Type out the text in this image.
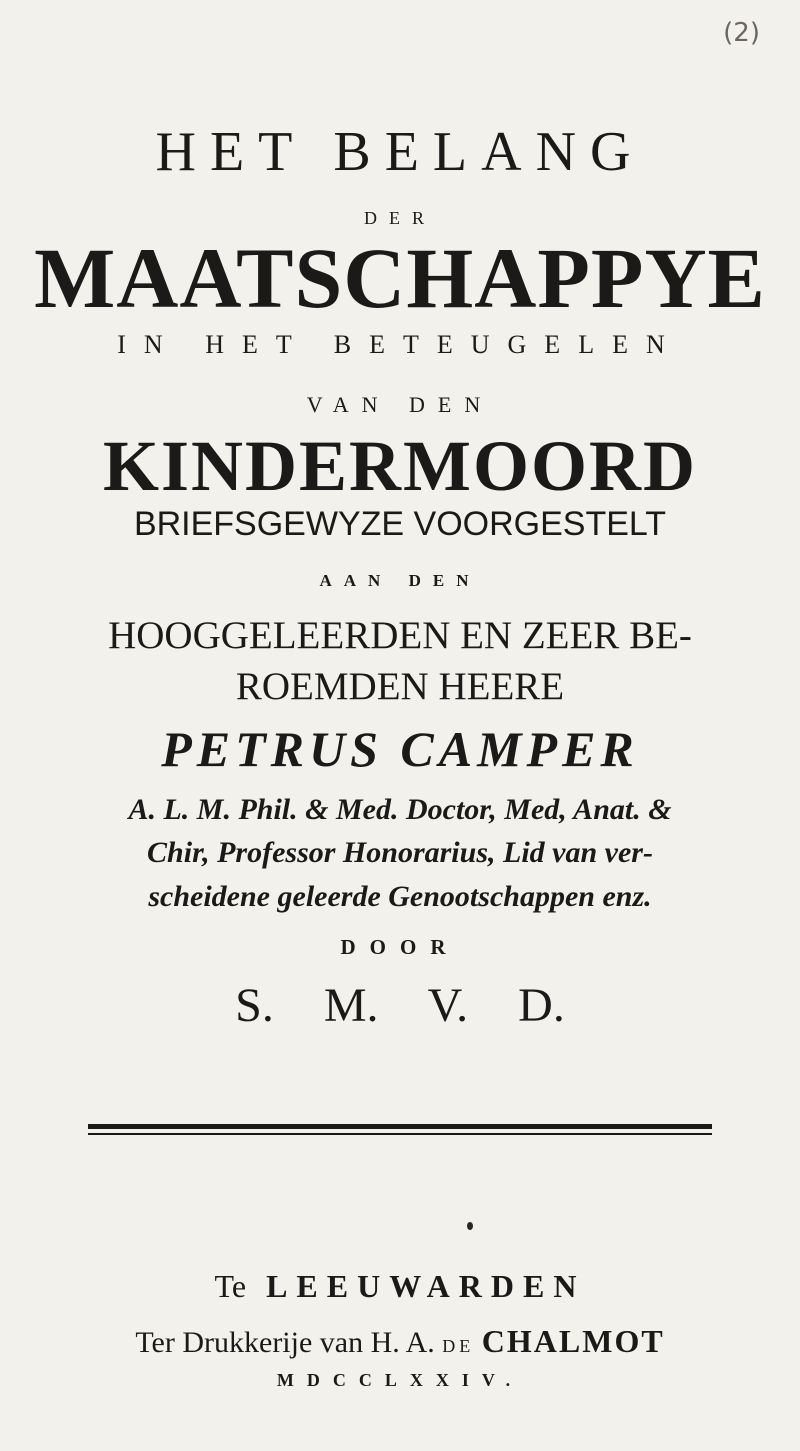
(2)
HET BELANG
DER
MAATSCHAPPYE
IN HET BETEUGELEN
VAN DEN
KINDERMOORD
BRIEFSGEWYZE VOORGESTELT
AAN DEN
HOOGGELEERDEN EN ZEER BE-
ROEMDEN HEERE
PETRUS CAMPER
A. L. M. Phil. & Med. Doctor, Med, Anat. &
Chir, Professor Honorarius, Lid van ver-
scheidene geleerde Genootschappen enz.
DOOR
S. M. V. D.
Te LEEUWARDEN
Ter Drukkerije van H. A. DE CHALMOT
MDCCLXXIV.
